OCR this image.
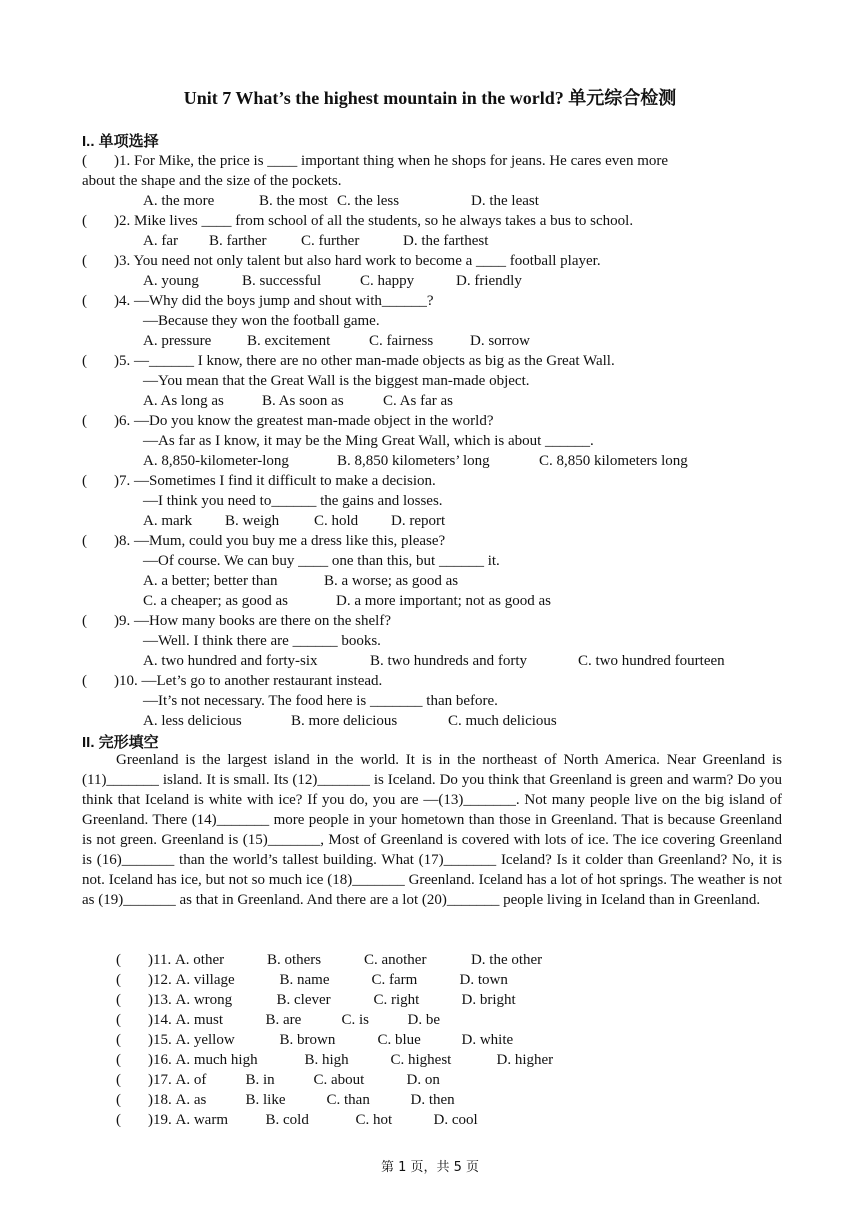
Unit 7 What’s the highest mountain in the world? 单元综合检测
I.. 单项选择
( )1. For Mike, the price is ____ important thing when he shops for jeans. He cares even more
about the shape and the size of the pockets.
A. the more	B. the most C. the less	D. the least
( )2. Mike lives ____ from school of all the students, so he always takes a bus to school.
A. far B. farther C. further	D. the farthest
( )3. You need not only talent but also hard work to become a ____ football player.
A. young	B. successful	C. happy	D. friendly
( )4. —Why did the boys jump and shout with______?
—Because they won the football game.
A. pressure B. excitement	C. fairness D. sorrow
( )5. —______ I know, there are no other man-made objects as big as the Great Wall.
—You mean that the Great Wall is the biggest man-made object.
A. As long as	B. As soon as	C. As far as
( )6. —Do you know the greatest man-made object in the world?
—As far as I know, it may be the Ming Great Wall, which is about ______.
A. 8,850-kilometer-long	B. 8,850 kilometers’ long	C. 8,850 kilometers long
( )7. —Sometimes I find it difficult to make a decision.
—I think you need to______ the gains and losses.
A. mark B. weigh C. hold D. report
( )8. —Mum, could you buy me a dress like this, please?
—Of course. We can buy ____ one than this, but ______ it.
A. a better; better than	B. a worse; as good as
C. a cheaper; as good as	D. a more important; not as good as
( )9. —How many books are there on the shelf?
—Well. I think there are ______ books.
A. two hundred and forty-six	B. two hundreds and forty	C. two hundred fourteen
( )10. —Let’s go to another restaurant instead.
—It’s not necessary. The food here is _______ than before.
A. less delicious	B. more delicious	C. much delicious
II. 完形填空
Greenland is the largest island in the world. It is in the northeast of North America. Near Greenland is (11)_______ island. It is small. Its (12)_______ is Iceland. Do you think that Greenland is green and warm? Do you think that Iceland is white with ice? If you do, you are —(13)_______. Not many people live on the big island of Greenland. There (14)_______ more people in your hometown than those in Greenland. That is because Greenland is not green. Greenland is (15)_______, Most of Greenland is covered with lots of ice. The ice covering Greenland is (16)_______ than the world’s tallest building. What (17)_______ Iceland? Is it colder than Greenland? No, it is not. Iceland has ice, but not so much ice (18)_______ Greenland. Iceland has a lot of hot springs. The weather is not as (19)_______ as that in Greenland. And there are a lot (20)_______ people living in Iceland than in Greenland.
( )11. A. other	B. others	C. another	D. the other
( )12. A. village	B. name	C. farm	D. town
( )13. A. wrong	B. clever	C. right	D. bright
( )14. A. must	B. are	C. is	D. be
( )15. A. yellow	B. brown	C. blue	D. white
( )16. A. much high	B. high	C. highest	D. higher
( )17. A. of	B. in	C. about	D. on
( )18. A. as	B. like	C. than	D. then
( )19. A. warm	B. cold	C. hot	D. cool
第 1 页，共 5 页
